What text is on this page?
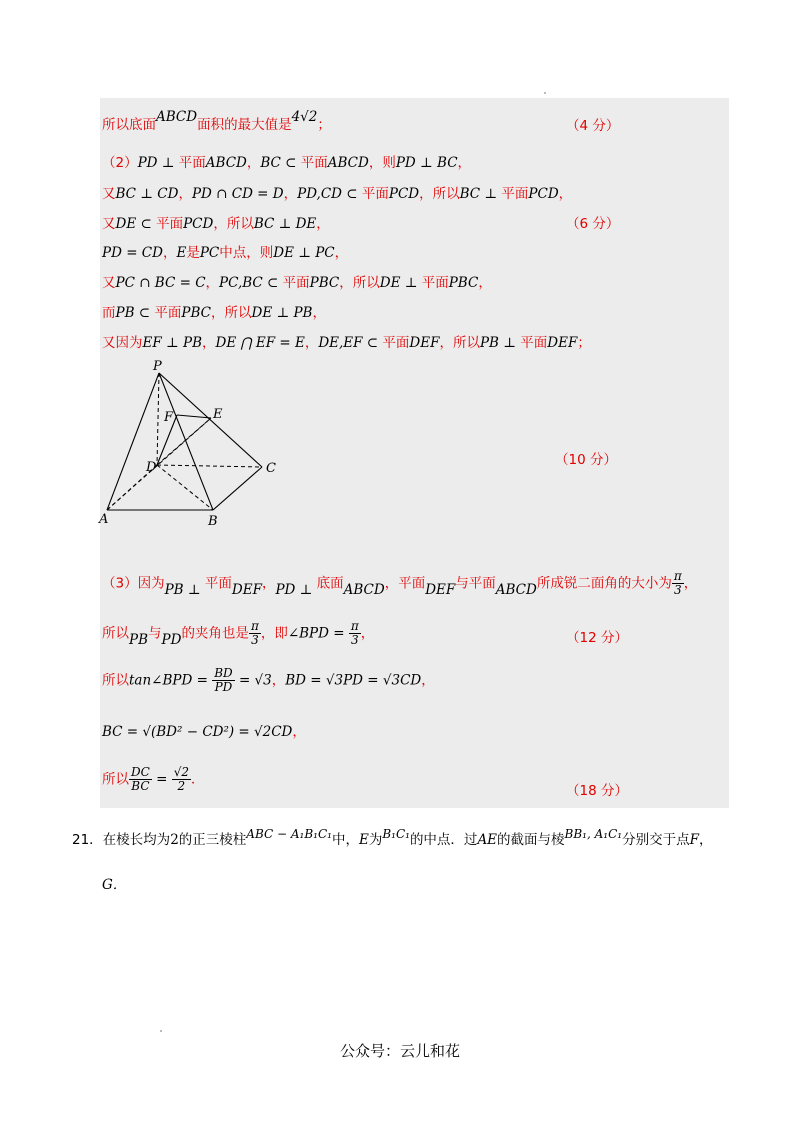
所以底面ABCD面积的最大值是4√2；	（4 分）
（2）PD ⊥ 平面ABCD，BC ⊂ 平面ABCD，则PD ⊥ BC，
又BC ⊥ CD，PD ∩ CD = D，PD,CD ⊂ 平面PCD，所以BC ⊥ 平面PCD，
又DE ⊂ 平面PCD，所以BC ⊥ DE，	（6 分）
PD = CD，E是PC中点，则DE ⊥ PC，
又PC ∩ BC = C，PC,BC ⊂ 平面PBC，所以DE ⊥ 平面PBC，
而PB ⊂ 平面PBC，所以DE ⊥ PB，
又因为EF ⊥ PB，DE ⋂ EF = E，DE,EF ⊂ 平面DEF，所以PB ⊥ 平面DEF；
P
F	E
D	C
A	B
（10 分）
（3）因为PB ⊥ 平面DEF，PD ⊥ 底面ABCD，平面DEF与平面ABCD所成锐二面角的大小为 $\frac{\pi}{3}$ ，
所以PB与PD的夹角也是 $\frac{\pi}{3}$ ，即∠BPD = $\frac{\pi}{3}$ ，	（12 分）
所以tan∠BPD = $\frac{BD}{PD} = √3$，BD = √3PD = √3CD，
BC = √(BD² − CD²) = √2CD，
所以 $\frac{DC}{BC} = \frac{√2}{2}$ ．
（18 分）
21．在棱长均为2的正三棱柱ABC − A₁B₁C₁中，E为B₁C₁的中点．过AE的截面与棱BB₁, A₁C₁分别交于点F，
G．
公众号：云儿和花
